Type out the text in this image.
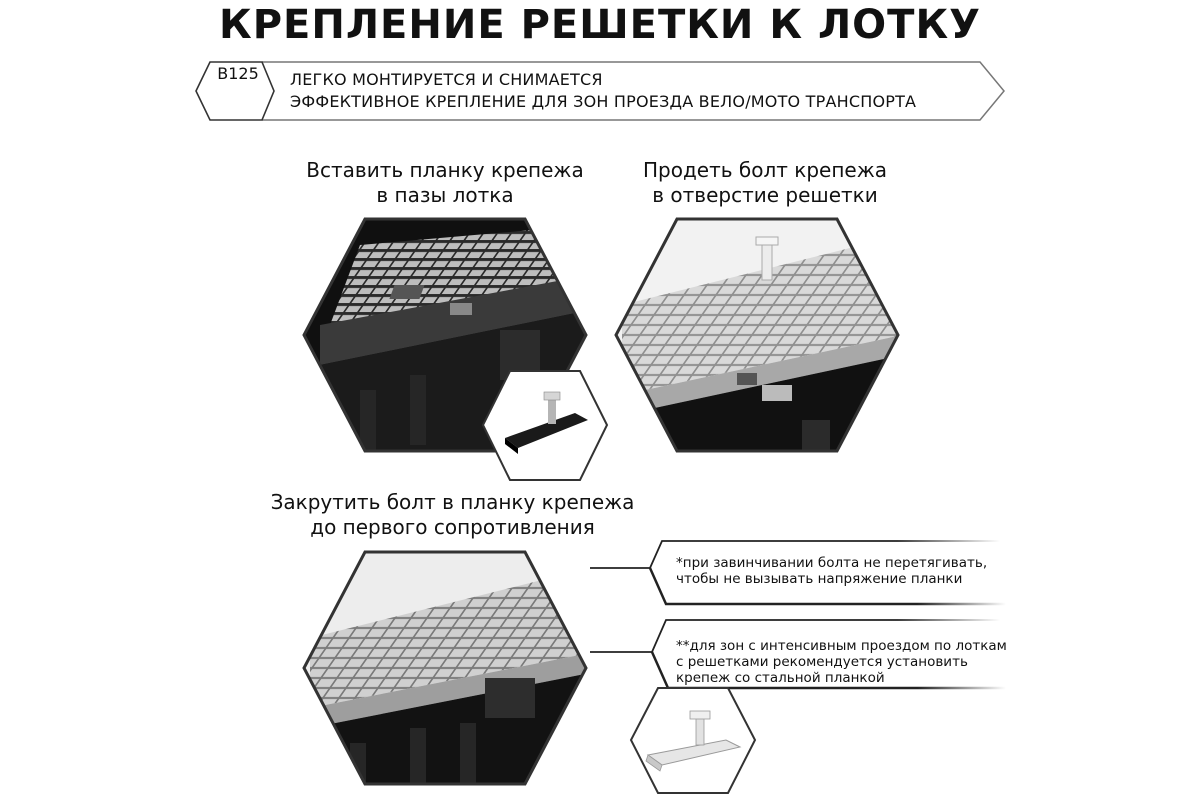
КРЕПЛЕНИЕ РЕШЕТКИ К ЛОТКУ
B125	ЛЕГКО МОНТИРУЕТСЯ И СНИМАЕТСЯ
ЭФФЕКТИВНОЕ КРЕПЛЕНИЕ ДЛЯ ЗОН ПРОЕЗДА ВЕЛО/МОТО ТРАНСПОРТА
Вставить планку крепежа
в пазы лотка
Продеть болт крепежа
в отверстие решетки
Закрутить болт в планку крепежа
до первого сопротивления
*при завинчивании болта не перетягивать,
чтобы не вызывать напряжение планки
**для зон с интенсивным проездом по лоткам
с решетками рекомендуется установить
крепеж со стальной планкой
